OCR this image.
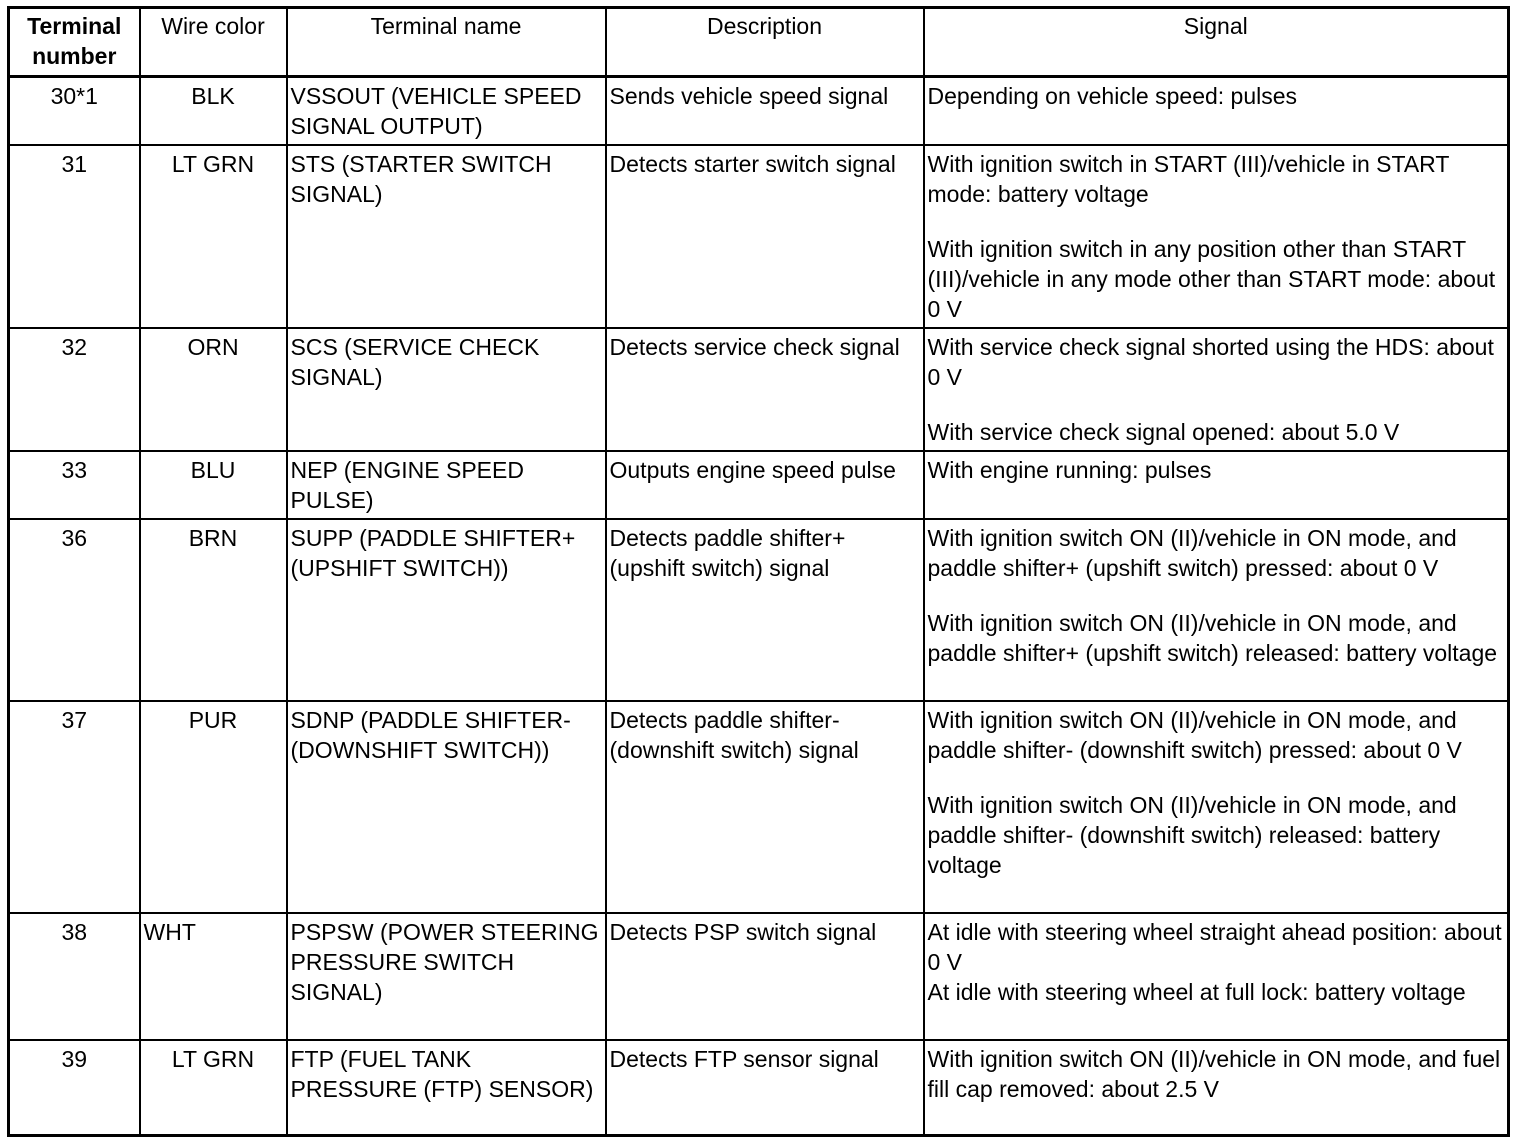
Terminal number	Wire color	Terminal name	Description	Signal
30*1	BLK	VSSOUT (VEHICLE SPEED SIGNAL OUTPUT)	Sends vehicle speed signal	Depending on vehicle speed: pulses

31	LT GRN	STS (STARTER SWITCH SIGNAL)	Detects starter switch signal	With ignition switch in START (III)/vehicle in START mode: battery voltage
With ignition switch in any position other than START (III)/vehicle in any mode other than START mode: about 0 V

32	ORN	SCS (SERVICE CHECK SIGNAL)	Detects service check signal	With service check signal shorted using the HDS: about 0 V
With service check signal opened: about 5.0 V

33	BLU	NEP (ENGINE SPEED PULSE)	Outputs engine speed pulse	With engine running: pulses

36	BRN	SUPP (PADDLE SHIFTER+ (UPSHIFT SWITCH))	Detects paddle shifter+ (upshift switch) signal	With ignition switch ON (II)/vehicle in ON mode, and paddle shifter+ (upshift switch) pressed: about 0 V
With ignition switch ON (II)/vehicle in ON mode, and paddle shifter+ (upshift switch) released: battery voltage

37	PUR	SDNP (PADDLE SHIFTER- (DOWNSHIFT SWITCH))	Detects paddle shifter- (downshift switch) signal	With ignition switch ON (II)/vehicle in ON mode, and paddle shifter- (downshift switch) pressed: about 0 V
With ignition switch ON (II)/vehicle in ON mode, and paddle shifter- (downshift switch) released: battery voltage

38	WHT	PSPSW (POWER STEERING PRESSURE SWITCH SIGNAL)	Detects PSP switch signal	At idle with steering wheel straight ahead position: about 0 V
At idle with steering wheel at full lock: battery voltage

39	LT GRN	FTP (FUEL TANK PRESSURE (FTP) SENSOR)	Detects FTP sensor signal	With ignition switch ON (II)/vehicle in ON mode, and fuel fill cap removed: about 2.5 V
